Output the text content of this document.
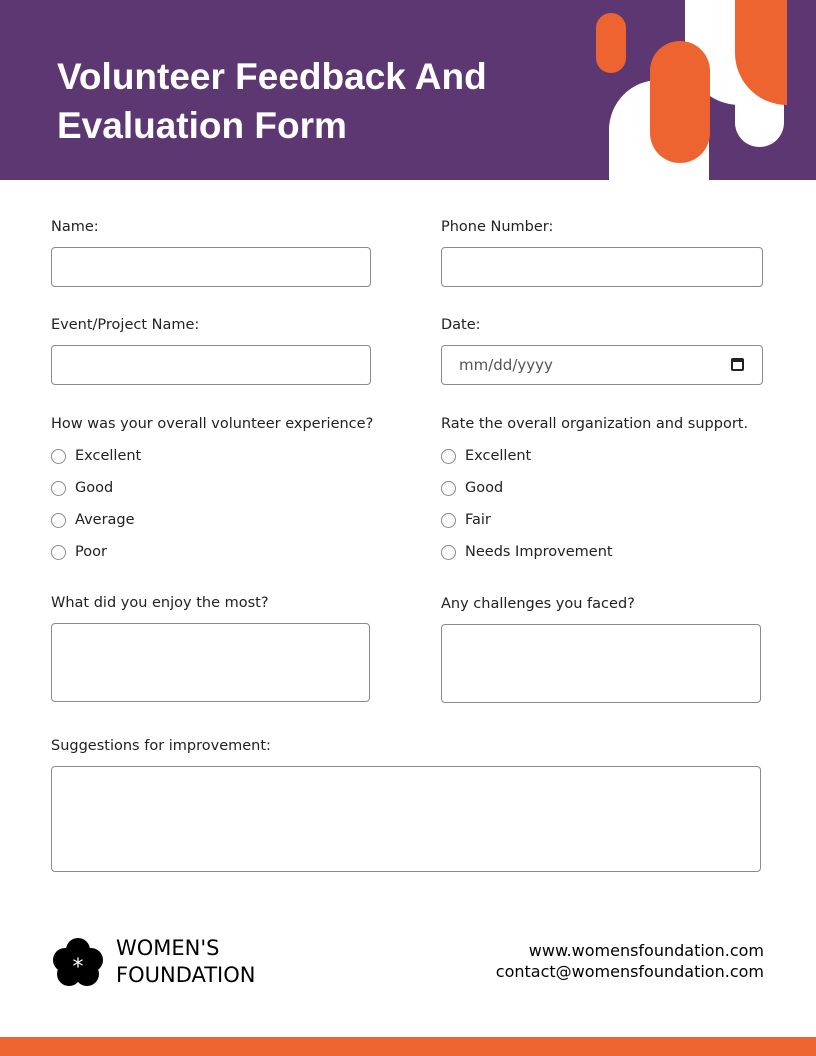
Volunteer Feedback And Evaluation Form
Name:	Phone Number:
Event/Project Name:	Date:
mm/dd/yyyy
How was your overall volunteer experience?
Excellent
Good
Average
Poor
Rate the overall organization and support.
Excellent
Good
Fair
Needs Improvement
What did you enjoy the most?	Any challenges you faced?
Suggestions for improvement:
*
WOMEN'S
FOUNDATION
www.womensfoundation.com
contact@womensfoundation.com
